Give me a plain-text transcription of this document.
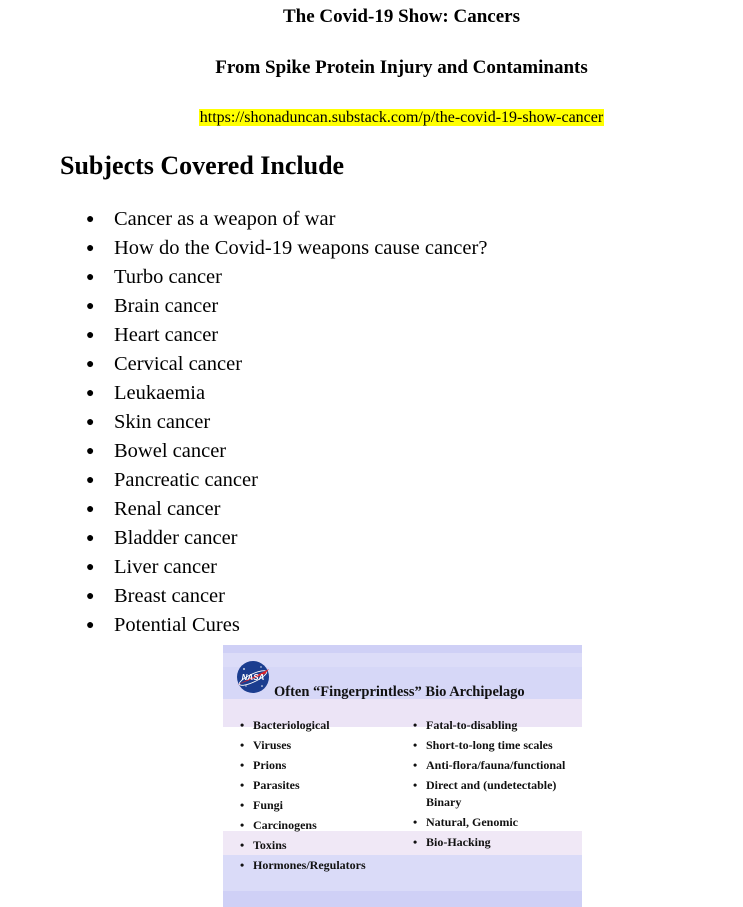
The Covid-19 Show: Cancers
From Spike Protein Injury and Contaminants
https://shonaduncan.substack.com/p/the-covid-19-show-cancer
Subjects Covered Include
● Cancer as a weapon of war
● How do the Covid-19 weapons cause cancer?
● Turbo cancer
● Brain cancer
● Heart cancer
● Cervical cancer
● Leukaemia
● Skin cancer
● Bowel cancer
● Pancreatic cancer
● Renal cancer
● Bladder cancer
● Liver cancer
● Breast cancer
● Potential Cures
NASA
Often “Fingerprintless” Bio Archipelago
• Bacteriological
• Viruses
• Prions
• Parasites
• Fungi
• Carcinogens
• Toxins
• Hormones/Regulators
• Fatal-to-disabling
• Short-to-long time scales
• Anti-flora/fauna/functional
• Direct and (undetectable) Binary
• Natural, Genomic
• Bio-Hacking
